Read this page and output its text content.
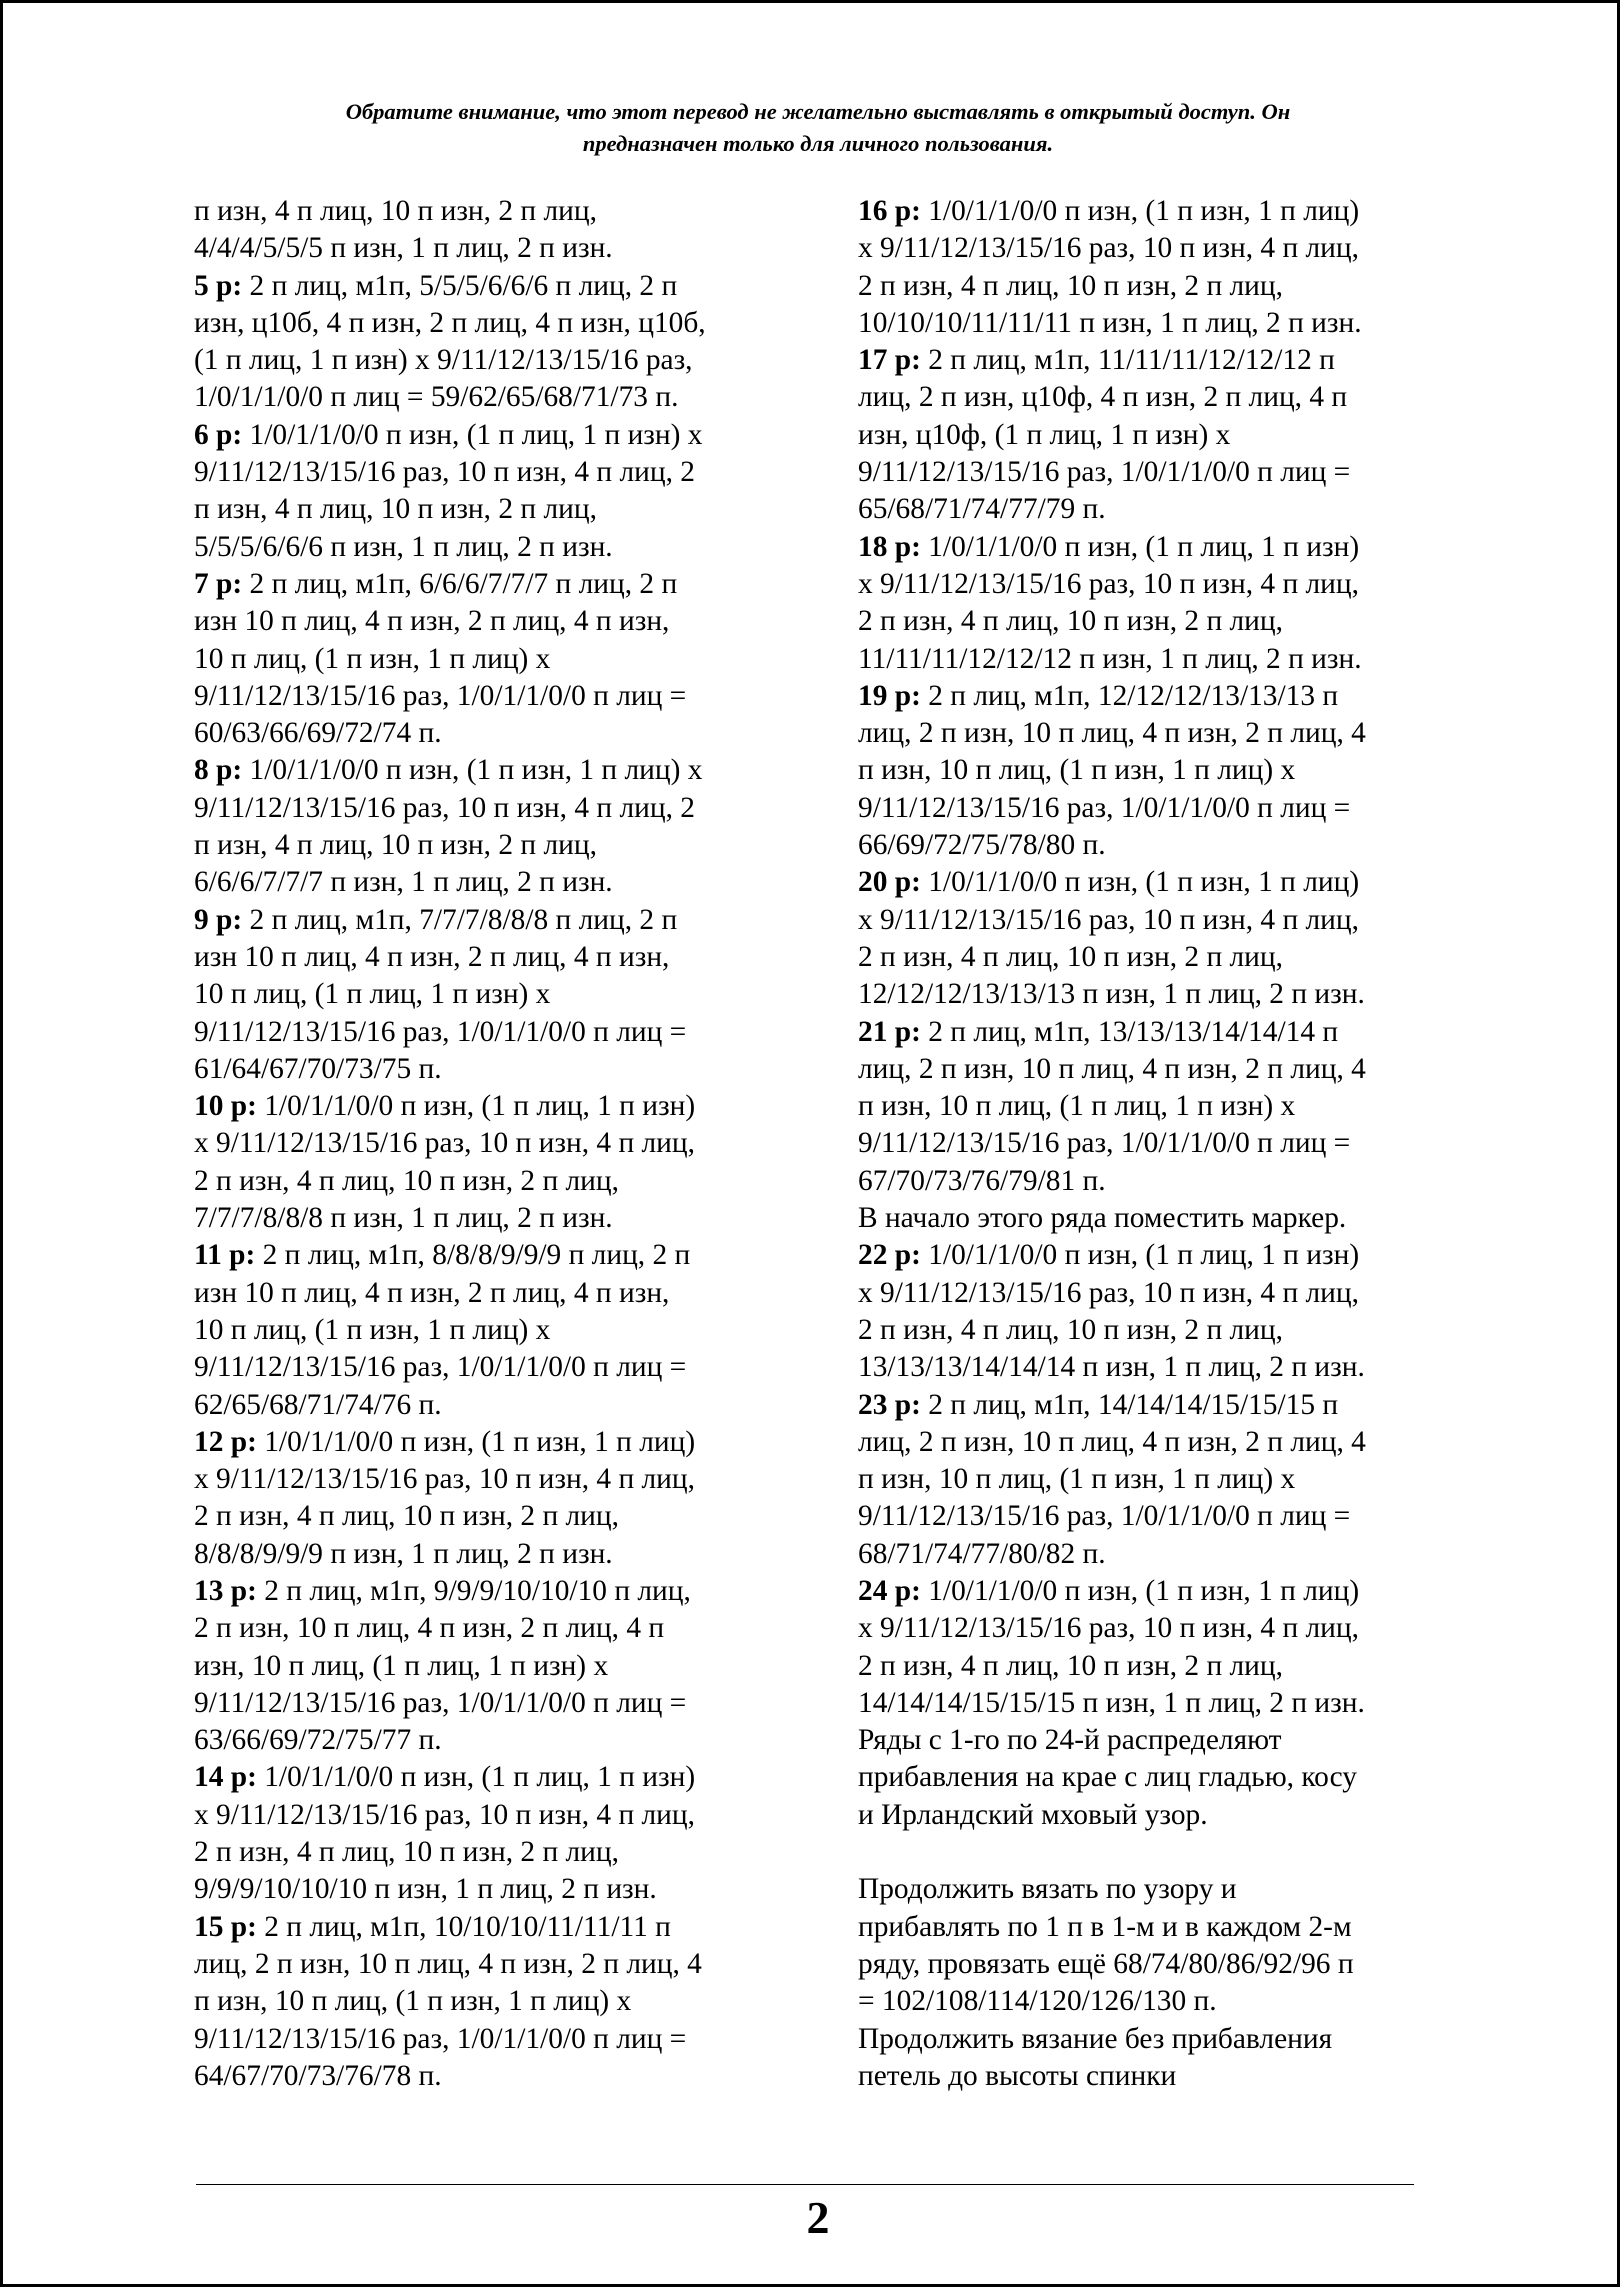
Обратите внимание, что этот перевод не желательно выставлять в открытый доступ. Он
предназначен только для личного пользования.
п изн, 4 п лиц, 10 п изн, 2 п лиц,
4/4/4/5/5/5 п изн, 1 п лиц, 2 п изн.
5 р: 2 п лиц, м1п, 5/5/5/6/6/6 п лиц, 2 п
изн, ц10б, 4 п изн, 2 п лиц, 4 п изн, ц10б,
(1 п лиц, 1 п изн) х 9/11/12/13/15/16 раз,
1/0/1/1/0/0 п лиц = 59/62/65/68/71/73 п.
6 р: 1/0/1/1/0/0 п изн, (1 п лиц, 1 п изн) х
9/11/12/13/15/16 раз, 10 п изн, 4 п лиц, 2
п изн, 4 п лиц, 10 п изн, 2 п лиц,
5/5/5/6/6/6 п изн, 1 п лиц, 2 п изн.
7 р: 2 п лиц, м1п, 6/6/6/7/7/7 п лиц, 2 п
изн 10 п лиц, 4 п изн, 2 п лиц, 4 п изн,
10 п лиц, (1 п изн, 1 п лиц) х
9/11/12/13/15/16 раз, 1/0/1/1/0/0 п лиц =
60/63/66/69/72/74 п.
8 р: 1/0/1/1/0/0 п изн, (1 п изн, 1 п лиц) х
9/11/12/13/15/16 раз, 10 п изн, 4 п лиц, 2
п изн, 4 п лиц, 10 п изн, 2 п лиц,
6/6/6/7/7/7 п изн, 1 п лиц, 2 п изн.
9 р: 2 п лиц, м1п, 7/7/7/8/8/8 п лиц, 2 п
изн 10 п лиц, 4 п изн, 2 п лиц, 4 п изн,
10 п лиц, (1 п лиц, 1 п изн) х
9/11/12/13/15/16 раз, 1/0/1/1/0/0 п лиц =
61/64/67/70/73/75 п.
10 р: 1/0/1/1/0/0 п изн, (1 п лиц, 1 п изн)
х 9/11/12/13/15/16 раз, 10 п изн, 4 п лиц,
2 п изн, 4 п лиц, 10 п изн, 2 п лиц,
7/7/7/8/8/8 п изн, 1 п лиц, 2 п изн.
11 р: 2 п лиц, м1п, 8/8/8/9/9/9 п лиц, 2 п
изн 10 п лиц, 4 п изн, 2 п лиц, 4 п изн,
10 п лиц, (1 п изн, 1 п лиц) х
9/11/12/13/15/16 раз, 1/0/1/1/0/0 п лиц =
62/65/68/71/74/76 п.
12 р: 1/0/1/1/0/0 п изн, (1 п изн, 1 п лиц)
х 9/11/12/13/15/16 раз, 10 п изн, 4 п лиц,
2 п изн, 4 п лиц, 10 п изн, 2 п лиц,
8/8/8/9/9/9 п изн, 1 п лиц, 2 п изн.
13 р: 2 п лиц, м1п, 9/9/9/10/10/10 п лиц,
2 п изн, 10 п лиц, 4 п изн, 2 п лиц, 4 п
изн, 10 п лиц, (1 п лиц, 1 п изн) х
9/11/12/13/15/16 раз, 1/0/1/1/0/0 п лиц =
63/66/69/72/75/77 п.
14 р: 1/0/1/1/0/0 п изн, (1 п лиц, 1 п изн)
х 9/11/12/13/15/16 раз, 10 п изн, 4 п лиц,
2 п изн, 4 п лиц, 10 п изн, 2 п лиц,
9/9/9/10/10/10 п изн, 1 п лиц, 2 п изн.
15 р: 2 п лиц, м1п, 10/10/10/11/11/11 п
лиц, 2 п изн, 10 п лиц, 4 п изн, 2 п лиц, 4
п изн, 10 п лиц, (1 п изн, 1 п лиц) х
9/11/12/13/15/16 раз, 1/0/1/1/0/0 п лиц =
64/67/70/73/76/78 п.
16 р: 1/0/1/1/0/0 п изн, (1 п изн, 1 п лиц)
х 9/11/12/13/15/16 раз, 10 п изн, 4 п лиц,
2 п изн, 4 п лиц, 10 п изн, 2 п лиц,
10/10/10/11/11/11 п изн, 1 п лиц, 2 п изн.
17 р: 2 п лиц, м1п, 11/11/11/12/12/12 п
лиц, 2 п изн, ц10ф, 4 п изн, 2 п лиц, 4 п
изн, ц10ф, (1 п лиц, 1 п изн) х
9/11/12/13/15/16 раз, 1/0/1/1/0/0 п лиц =
65/68/71/74/77/79 п.
18 р: 1/0/1/1/0/0 п изн, (1 п лиц, 1 п изн)
х 9/11/12/13/15/16 раз, 10 п изн, 4 п лиц,
2 п изн, 4 п лиц, 10 п изн, 2 п лиц,
11/11/11/12/12/12 п изн, 1 п лиц, 2 п изн.
19 р: 2 п лиц, м1п, 12/12/12/13/13/13 п
лиц, 2 п изн, 10 п лиц, 4 п изн, 2 п лиц, 4
п изн, 10 п лиц, (1 п изн, 1 п лиц) х
9/11/12/13/15/16 раз, 1/0/1/1/0/0 п лиц =
66/69/72/75/78/80 п.
20 р: 1/0/1/1/0/0 п изн, (1 п изн, 1 п лиц)
х 9/11/12/13/15/16 раз, 10 п изн, 4 п лиц,
2 п изн, 4 п лиц, 10 п изн, 2 п лиц,
12/12/12/13/13/13 п изн, 1 п лиц, 2 п изн.
21 р: 2 п лиц, м1п, 13/13/13/14/14/14 п
лиц, 2 п изн, 10 п лиц, 4 п изн, 2 п лиц, 4
п изн, 10 п лиц, (1 п лиц, 1 п изн) х
9/11/12/13/15/16 раз, 1/0/1/1/0/0 п лиц =
67/70/73/76/79/81 п.
В начало этого ряда поместить маркер.
22 р: 1/0/1/1/0/0 п изн, (1 п лиц, 1 п изн)
х 9/11/12/13/15/16 раз, 10 п изн, 4 п лиц,
2 п изн, 4 п лиц, 10 п изн, 2 п лиц,
13/13/13/14/14/14 п изн, 1 п лиц, 2 п изн.
23 р: 2 п лиц, м1п, 14/14/14/15/15/15 п
лиц, 2 п изн, 10 п лиц, 4 п изн, 2 п лиц, 4
п изн, 10 п лиц, (1 п изн, 1 п лиц) х
9/11/12/13/15/16 раз, 1/0/1/1/0/0 п лиц =
68/71/74/77/80/82 п.
24 р: 1/0/1/1/0/0 п изн, (1 п изн, 1 п лиц)
х 9/11/12/13/15/16 раз, 10 п изн, 4 п лиц,
2 п изн, 4 п лиц, 10 п изн, 2 п лиц,
14/14/14/15/15/15 п изн, 1 п лиц, 2 п изн.
Ряды с 1-го по 24-й распределяют
прибавления на крае с лиц гладью, косу
и Ирландский мховый узор.
Продолжить вязать по узору и
прибавлять по 1 п в 1-м и в каждом 2-м
ряду, провязать ещё 68/74/80/86/92/96 п
= 102/108/114/120/126/130 п.
Продолжить вязание без прибавления
петель до высоты спинки
2
